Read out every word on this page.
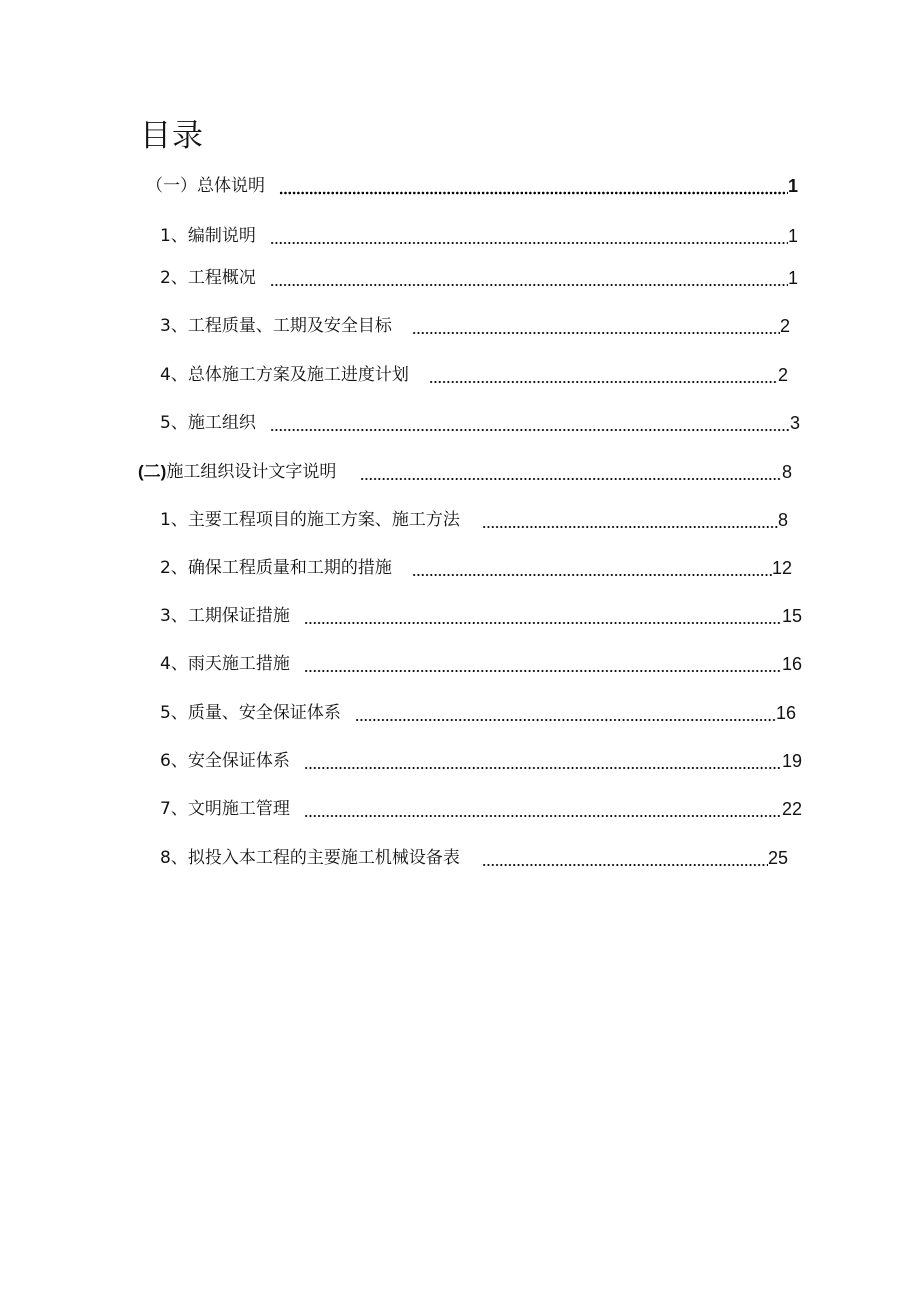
目录
（一）总体说明	1
1、编制说明	1
2、工程概况	1
3、工程质量、工期及安全目标	2
4、总体施工方案及施工进度计划	2
5、施工组织	3
(二)施工组织设计文字说明	8
1、主要工程项目的施工方案、施工方法	8
2、确保工程质量和工期的措施	12
3、工期保证措施	15
4、雨天施工措施	16
5、质量、安全保证体系	16
6、安全保证体系	19
7、文明施工管理	22
8、拟投入本工程的主要施工机械设备表	25
